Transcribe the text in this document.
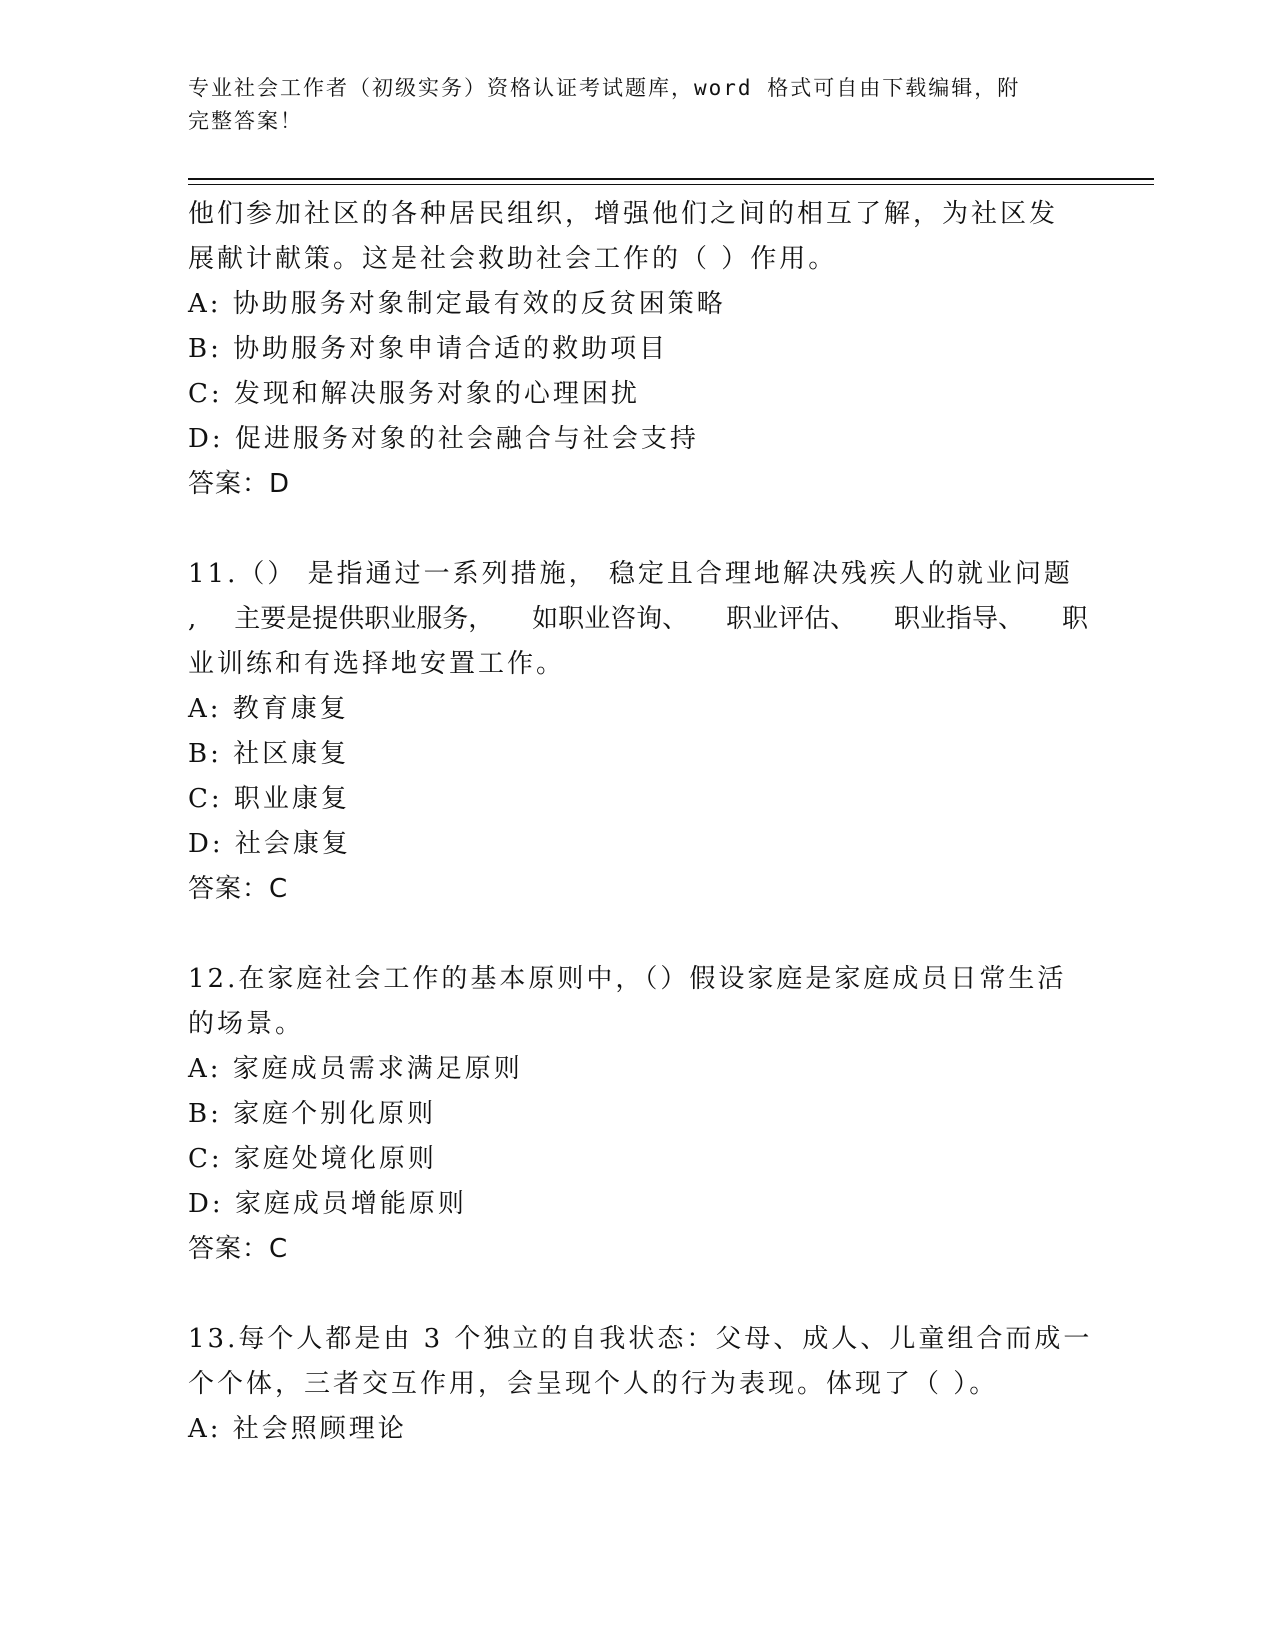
专业社会工作者（初级实务）资格认证考试题库，word 格式可自由下载编辑，附
完整答案！
他们参加社区的各种居民组织，增强他们之间的相互了解，为社区发
展献计献策。这是社会救助社会工作的（ ）作用。
A: 协助服务对象制定最有效的反贫困策略
B: 协助服务对象申请合适的救助项目
C: 发现和解决服务对象的心理困扰
D: 促进服务对象的社会融合与社会支持
答案：D
11.（） 是指通过一系列措施， 稳定且合理地解决残疾人的就业问题
, 主要是提供职业服务， 如职业咨询、 职业评估、 职业指导、 职
业训练和有选择地安置工作。
A: 教育康复
B: 社区康复
C: 职业康复
D: 社会康复
答案：C
12.在家庭社会工作的基本原则中，（）假设家庭是家庭成员日常生活
的场景。
A: 家庭成员需求满足原则
B: 家庭个别化原则
C: 家庭处境化原则
D: 家庭成员增能原则
答案：C
13.每个人都是由 3 个独立的自我状态：父母、成人、儿童组合而成一
个个体，三者交互作用，会呈现个人的行为表现。体现了（ ）。
A: 社会照顾理论
